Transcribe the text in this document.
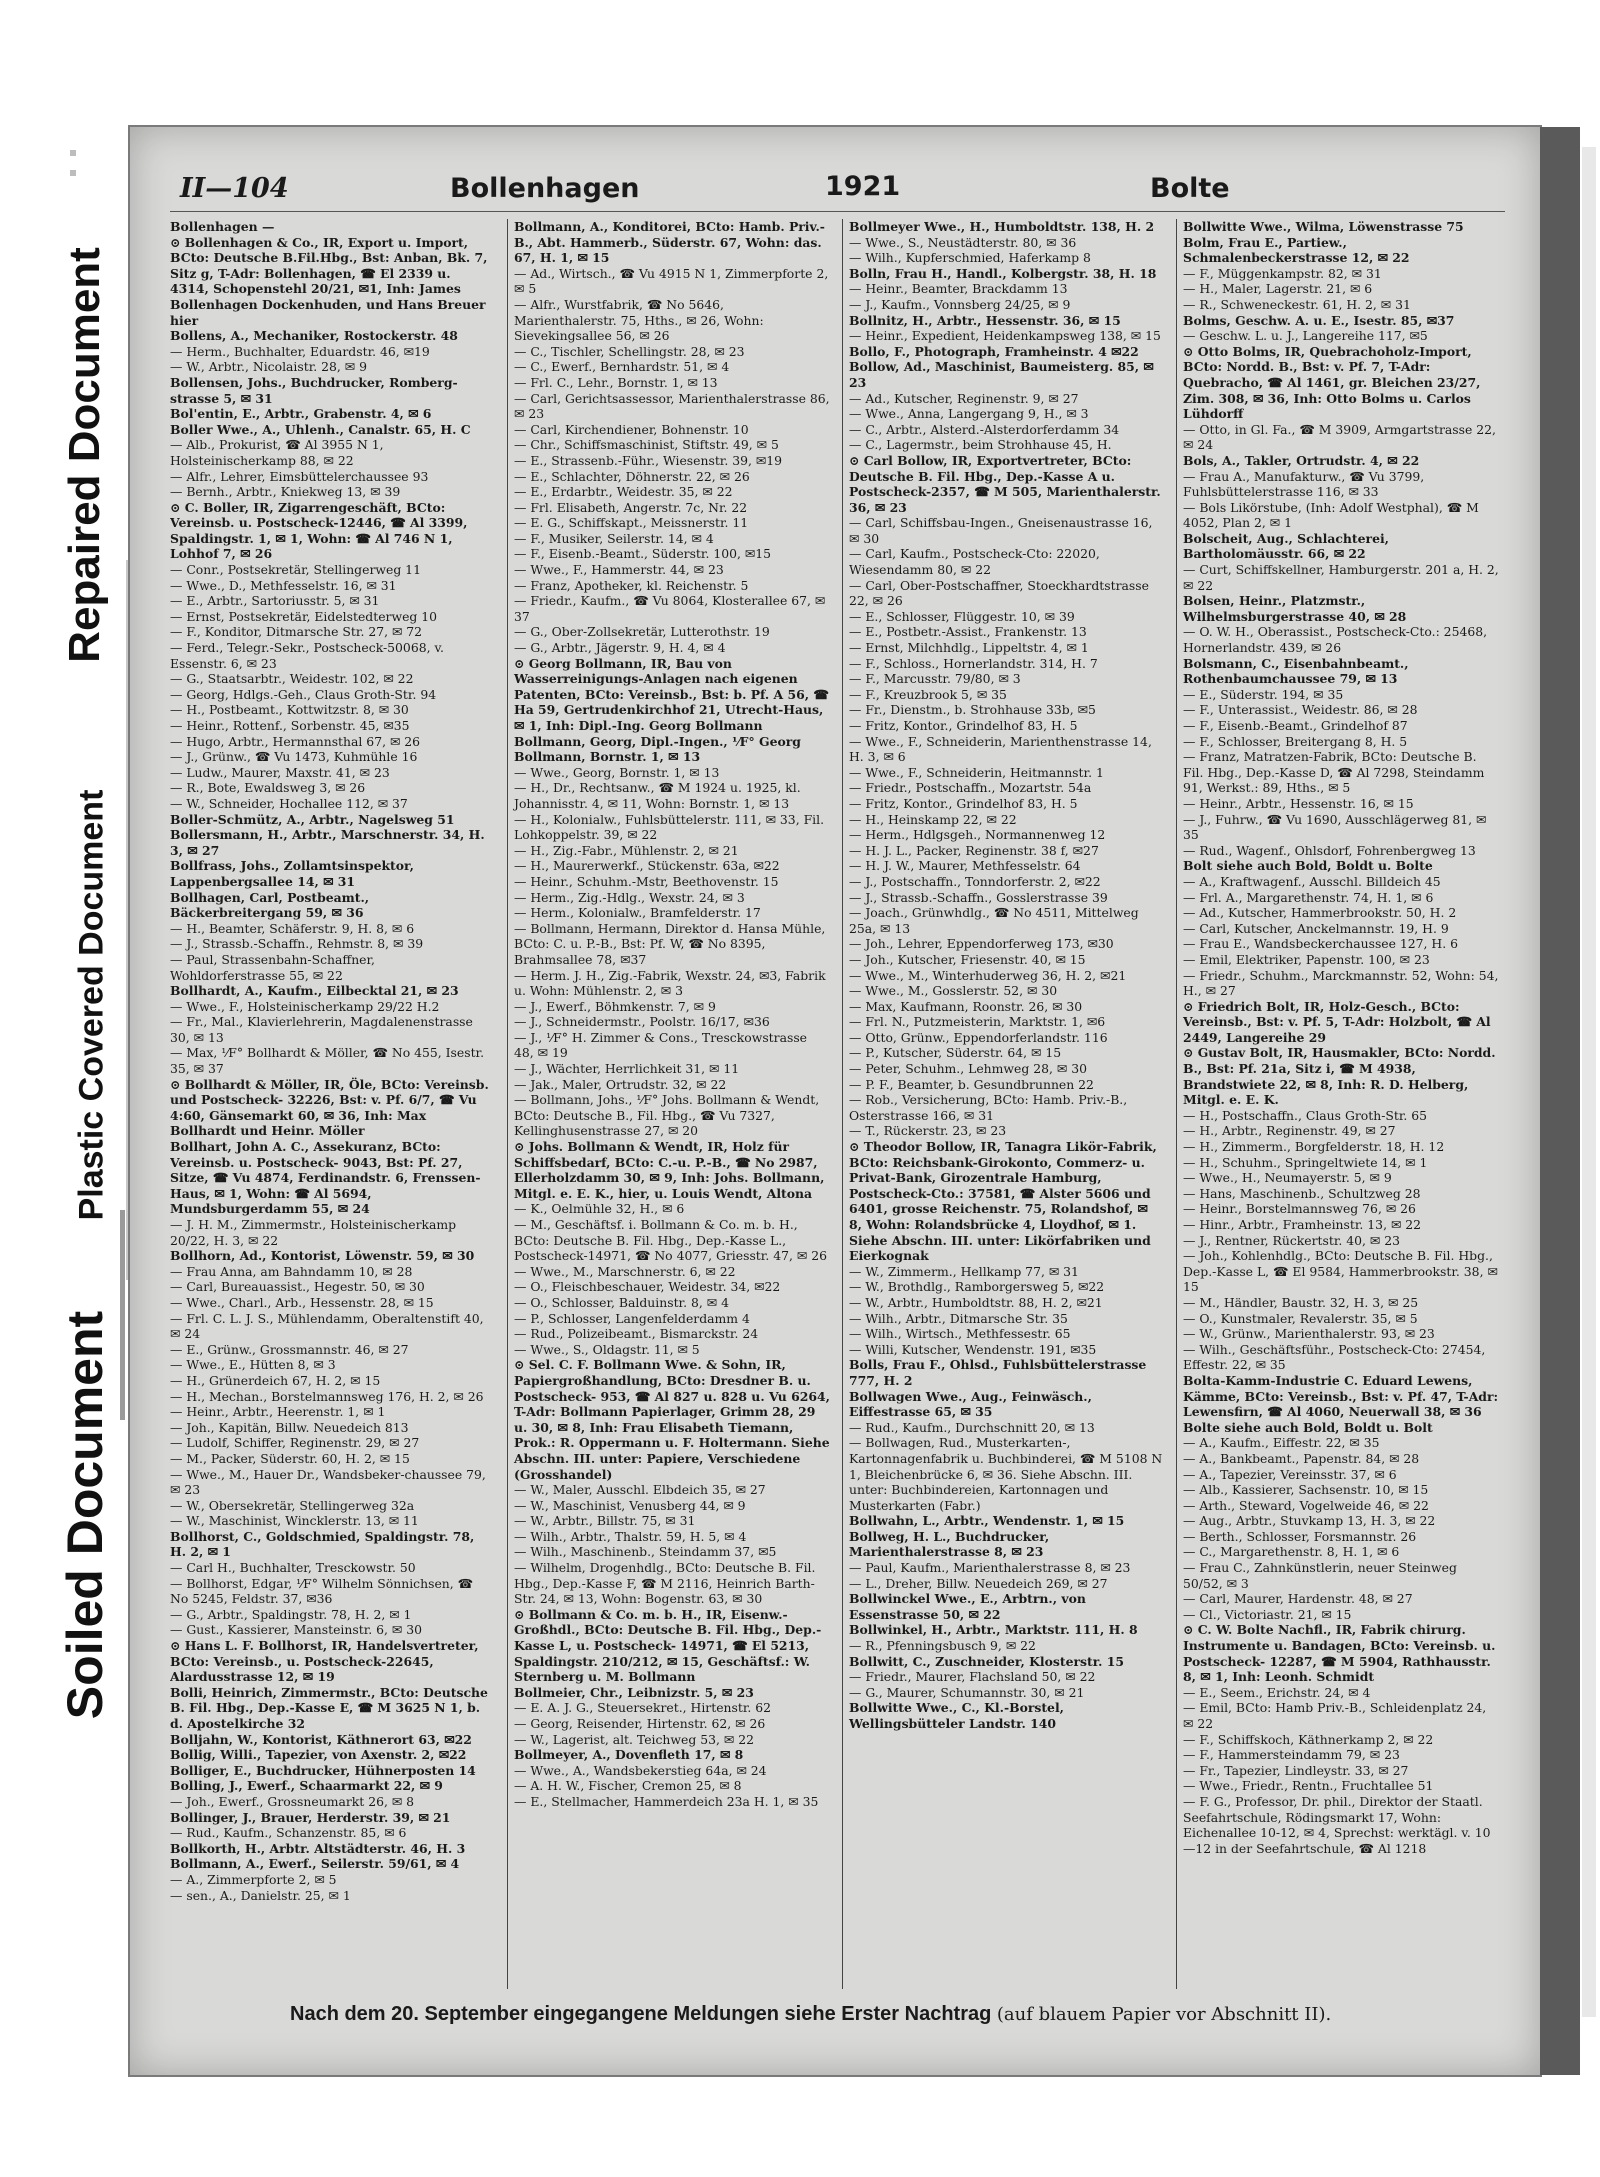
Repaired Document
Plastic Covered Document
Soiled Document
II—104	Bollenhagen	1921	Bolte

Bollenhagen —

⊙ Bollenhagen & Co., IR, Export u. Import, BCto: Deutsche B.Fil.Hbg., Bst: Anban, Bk. 7, Sitz g, T-Adr: Bollenhagen, ☎ El 2339 u. 4314, Schopenstehl 20/21, ✉1, Inh: James Bollenhagen Dockenhuden, und Hans Breuer hier

Bollens, A., Mechaniker, Rostockerstr. 48

— Herm., Buchhalter, Eduardstr. 46, ✉19

— W., Arbtr., Nicolaistr. 28, ✉ 9

Bollensen, Johs., Buchdrucker, Romberg-strasse 5, ✉ 31

Bol'entin, E., Arbtr., Grabenstr. 4, ✉ 6

Boller Wwe., A., Uhlenh., Canalstr. 65, H. C

— Alb., Prokurist, ☎ Al 3955 N 1, Holsteinischerkamp 88, ✉ 22

— Alfr., Lehrer, Eimsbüttelerchaussee 93

— Bernh., Arbtr., Kniekweg 13, ✉ 39

⊙ C. Boller, IR, Zigarrengeschäft, BCto: Vereinsb. u. Postscheck-12446, ☎ Al 3399, Spaldingstr. 1, ✉ 1, Wohn: ☎ Al 746 N 1, Lohhof 7, ✉ 26

— Conr., Postsekretär, Stellingerweg 11

— Wwe., D., Methfesselstr. 16, ✉ 31

— E., Arbtr., Sartoriusstr. 5, ✉ 31

— Ernst, Postsekretär, Eidelstedterweg 10

— F., Konditor, Ditmarsche Str. 27, ✉ 72

— Ferd., Telegr.-Sekr., Postscheck-50068, v. Essenstr. 6, ✉ 23

— G., Staatsarbtr., Weidestr. 102, ✉ 22

— Georg, Hdlgs.-Geh., Claus Groth-Str. 94

— H., Postbeamt., Kottwitzstr. 8, ✉ 30

— Heinr., Rottenf., Sorbenstr. 45, ✉35

— Hugo, Arbtr., Hermannsthal 67, ✉ 26

— J., Grünw., ☎ Vu 1473, Kuhmühle 16

— Ludw., Maurer, Maxstr. 41, ✉ 23

— R., Bote, Ewaldsweg 3, ✉ 26

— W., Schneider, Hochallee 112, ✉ 37

Boller-Schmütz, A., Arbtr., Nagelsweg 51

Bollersmann, H., Arbtr., Marschnerstr. 34, H. 3, ✉ 27

Bollfrass, Johs., Zollamtsinspektor, Lappenbergsallee 14, ✉ 31

Bollhagen, Carl, Postbeamt., Bäckerbreitergang 59, ✉ 36

— H., Beamter, Schäferstr. 9, H. 8, ✉ 6

— J., Strassb.-Schaffn., Rehmstr. 8, ✉ 39

— Paul, Strassenbahn-Schaffner, Wohldorferstrasse 55, ✉ 22

Bollhardt, A., Kaufm., Eilbecktal 21, ✉ 23

— Wwe., F., Holsteinischerkamp 29/22 H.2

— Fr., Mal., Klavierlehrerin, Magdalenenstrasse 30, ✉ 13

— Max, ⅟F° Bollhardt & Möller, ☎ No 455, Isestr. 35, ✉ 37

⊙ Bollhardt & Möller, IR, Öle, BCto: Vereinsb. und Postscheck- 32226, Bst: v. Pf. 6/7, ☎ Vu 4:60, Gänsemarkt 60, ✉ 36, Inh: Max Bollhardt und Heinr. Möller

Bollhart, John A. C., Assekuranz, BCto: Vereinsb. u. Postscheck- 9043, Bst: Pf. 27, Sitze, ☎ Vu 4874, Ferdinandstr. 6, Frenssen-Haus, ✉ 1, Wohn: ☎ Al 5694, Mundsburgerdamm 55, ✉ 24

— J. H. M., Zimmermstr., Holsteinischerkamp 20/22, H. 3, ✉ 22

Bollhorn, Ad., Kontorist, Löwenstr. 59, ✉ 30

— Frau Anna, am Bahndamm 10, ✉ 28

— Carl, Bureauassist., Hegestr. 50, ✉ 30

— Wwe., Charl., Arb., Hessenstr. 28, ✉ 15

— Frl. C. L. J. S., Mühlendamm, Oberaltenstift 40, ✉ 24

— E., Grünw., Grossmannstr. 46, ✉ 27

— Wwe., E., Hütten 8, ✉ 3

— H., Grünerdeich 67, H. 2, ✉ 15

— H., Mechan., Borstelmannsweg 176, H. 2, ✉ 26

— Heinr., Arbtr., Heerenstr. 1, ✉ 1

— Joh., Kapitän, Billw. Neuedeich 813

— Ludolf, Schiffer, Reginenstr. 29, ✉ 27

— M., Packer, Süderstr. 60, H. 2, ✉ 15

— Wwe., M., Hauer Dr., Wandsbeker-chaussee 79, ✉ 23

— W., Obersekretär, Stellingerweg 32a

— W., Maschinist, Wincklerstr. 13, ✉ 11

Bollhorst, C., Goldschmied, Spaldingstr. 78, H. 2, ✉ 1

— Carl H., Buchhalter, Tresckowstr. 50

— Bollhorst, Edgar, ⅟F° Wilhelm Sönnichsen, ☎ No 5245, Feldstr. 37, ✉36

— G., Arbtr., Spaldingstr. 78, H. 2, ✉ 1

— Gust., Kassierer, Mansteinstr. 6, ✉ 30

⊙ Hans L. F. Bollhorst, IR, Handelsvertreter, BCto: Vereinsb., u. Postscheck-22645, Alardusstrasse 12, ✉ 19

Bolli, Heinrich, Zimmermstr., BCto: Deutsche B. Fil. Hbg., Dep.-Kasse E, ☎ M 3625 N 1, b. d. Apostelkirche 32

Bolljahn, W., Kontorist, Käthnerort 63, ✉22

Bollig, Willi., Tapezier, von Axenstr. 2, ✉22

Bolliger, E., Buchdrucker, Hühnerposten 14

Bolling, J., Ewerf., Schaarmarkt 22, ✉ 9

— Joh., Ewerf., Grossneumarkt 26, ✉ 8

Bollinger, J., Brauer, Herderstr. 39, ✉ 21

— Rud., Kaufm., Schanzenstr. 85, ✉ 6

Bollkorth, H., Arbtr. Altstädterstr. 46, H. 3

Bollmann, A., Ewerf., Seilerstr. 59/61, ✉ 4

— A., Zimmerpforte 2, ✉ 5

— sen., A., Danielstr. 25, ✉ 1

Bollmann, A., Konditorei, BCto: Hamb. Priv.-B., Abt. Hammerb., Süderstr. 67, Wohn: das. 67, H. 1, ✉ 15

— Ad., Wirtsch., ☎ Vu 4915 N 1, Zimmerpforte 2, ✉ 5

— Alfr., Wurstfabrik, ☎ No 5646, Marienthalerstr. 75, Hths., ✉ 26, Wohn: Sievekingsallee 56, ✉ 26

— C., Tischler, Schellingstr. 28, ✉ 23

— C., Ewerf., Bernhardstr. 51, ✉ 4

— Frl. C., Lehr., Bornstr. 1, ✉ 13

— Carl, Gerichtsassessor, Marienthalerstrasse 86, ✉ 23

— Carl, Kirchendiener, Bohnenstr. 10

— Chr., Schiffsmaschinist, Stiftstr. 49, ✉ 5

— E., Strassenb.-Führ., Wiesenstr. 39, ✉19

— E., Schlachter, Döhnerstr. 22, ✉ 26

— E., Erdarbtr., Weidestr. 35, ✉ 22

— Frl. Elisabeth, Angerstr. 7c, Nr. 22

— E. G., Schiffskapt., Meissnerstr. 11

— F., Musiker, Seilerstr. 14, ✉ 4

— F., Eisenb.-Beamt., Süderstr. 100, ✉15

— Wwe., F., Hammerstr. 44, ✉ 23

— Franz, Apotheker, kl. Reichenstr. 5

— Friedr., Kaufm., ☎ Vu 8064, Klosterallee 67, ✉ 37

— G., Ober-Zollsekretär, Lutterothstr. 19

— G., Arbtr., Jägerstr. 9, H. 4, ✉ 4

⊙ Georg Bollmann, IR, Bau von Wasserreinigungs-Anlagen nach eigenen Patenten, BCto: Vereinsb., Bst: b. Pf. A 56, ☎ Ha 59, Gertrudenkirchhof 21, Utrecht-Haus, ✉ 1, Inh: Dipl.-Ing. Georg Bollmann

Bollmann, Georg, Dipl.-Ingen., ⅟F° Georg Bollmann, Bornstr. 1, ✉ 13

— Wwe., Georg, Bornstr. 1, ✉ 13

— H., Dr., Rechtsanw., ☎ M 1924 u. 1925, kl. Johannisstr. 4, ✉ 11, Wohn: Bornstr. 1, ✉ 13

— H., Kolonialw., Fuhlsbüttelerstr. 111, ✉ 33, Fil. Lohkoppelstr. 39, ✉ 22

— H., Zig.-Fabr., Mühlenstr. 2, ✉ 21

— H., Maurerwerkf., Stückenstr. 63a, ✉22

— Heinr., Schuhm.-Mstr, Beethovenstr. 15

— Herm., Zig.-Hdlg., Wexstr. 24, ✉ 3

— Herm., Kolonialw., Bramfelderstr. 17

— Bollmann, Hermann, Direktor d. Hansa Mühle, BCto: C. u. P.-B., Bst: Pf. W, ☎ No 8395, Brahmsallee 78, ✉37

— Herm. J. H., Zig.-Fabrik, Wexstr. 24, ✉3, Fabrik u. Wohn: Mühlenstr. 2, ✉ 3

— J., Ewerf., Böhmkenstr. 7, ✉ 9

— J., Schneidermstr., Poolstr. 16/17, ✉36

— J., ⅟F° H. Zimmer & Cons., Tresckowstrasse 48, ✉ 19

— J., Wächter, Herrlichkeit 31, ✉ 11

— Jak., Maler, Ortrudstr. 32, ✉ 22

— Bollmann, Johs., ⅟F° Johs. Bollmann & Wendt, BCto: Deutsche B., Fil. Hbg., ☎ Vu 7327, Kellinghusenstrasse 27, ✉ 20

⊙ Johs. Bollmann & Wendt, IR, Holz für Schiffsbedarf, BCto: C.-u. P.-B., ☎ No 2987, Ellerholzdamm 30, ✉ 9, Inh: Johs. Bollmann, Mitgl. e. E. K., hier, u. Louis Wendt, Altona

— K., Oelmühle 32, H., ✉ 6

— M., Geschäftsf. i. Bollmann & Co. m. b. H., BCto: Deutsche B. Fil. Hbg., Dep.-Kasse L., Postscheck-14971, ☎ No 4077, Griesstr. 47, ✉ 26

— Wwe., M., Marschnerstr. 6, ✉ 22

— O., Fleischbeschauer, Weidestr. 34, ✉22

— O., Schlosser, Balduinstr. 8, ✉ 4

— P., Schlosser, Langenfelderdamm 4

— Rud., Polizeibeamt., Bismarckstr. 24

— Wwe., S., Oldagstr. 11, ✉ 5

⊙ Sel. C. F. Bollmann Wwe. & Sohn, IR, Papiergroßhandlung, BCto: Dresdner B. u. Postscheck- 953, ☎ Al 827 u. 828 u. Vu 6264, T-Adr: Bollmann Papierlager, Grimm 28, 29 u. 30, ✉ 8, Inh: Frau Elisabeth Tiemann, Prok.: R. Oppermann u. F. Holtermann. Siehe Abschn. III. unter: Papiere, Verschiedene (Grosshandel)

— W., Maler, Ausschl. Elbdeich 35, ✉ 27

— W., Maschinist, Venusberg 44, ✉ 9

— W., Arbtr., Billstr. 75, ✉ 31

— Wilh., Arbtr., Thalstr. 59, H. 5, ✉ 4

— Wilh., Maschinenb., Steindamm 37, ✉5

— Wilhelm, Drogenhdlg., BCto: Deutsche B. Fil. Hbg., Dep.-Kasse F, ☎ M 2116, Heinrich Barth-Str. 24, ✉ 13, Wohn: Bogenstr. 63, ✉ 30

⊙ Bollmann & Co. m. b. H., IR, Eisenw.-Großhdl., BCto: Deutsche B. Fil. Hbg., Dep.-Kasse L, u. Postscheck- 14971, ☎ El 5213, Spaldingstr. 210/212, ✉ 15, Geschäftsf.: W. Sternberg u. M. Bollmann

Bollmeier, Chr., Leibnizstr. 5, ✉ 23

— E. A. J. G., Steuersekret., Hirtenstr. 62

— Georg, Reisender, Hirtenstr. 62, ✉ 26

— W., Lagerist, alt. Teichweg 53, ✉ 22

Bollmeyer, A., Dovenfleth 17, ✉ 8

— Wwe., A., Wandsbekerstieg 64a, ✉ 24

— A. H. W., Fischer, Cremon 25, ✉ 8

— E., Stellmacher, Hammerdeich 23a H. 1, ✉ 35

Bollmeyer Wwe., H., Humboldtstr. 138, H. 2

— Wwe., S., Neustädterstr. 80, ✉ 36

— Wilh., Kupferschmied, Haferkamp 8

Bolln, Frau H., Handl., Kolbergstr. 38, H. 18

— Heinr., Beamter, Brackdamm 13

— J., Kaufm., Vonnsberg 24/25, ✉ 9

Bollnitz, H., Arbtr., Hessenstr. 36, ✉ 15

— Heinr., Expedient, Heidenkampsweg 138, ✉ 15

Bollo, F., Photograph, Framheinstr. 4 ✉22

Bollow, Ad., Maschinist, Baumeisterg. 85, ✉23

— Ad., Kutscher, Reginenstr. 9, ✉ 27

— Wwe., Anna, Langergang 9, H., ✉ 3

— C., Arbtr., Alsterd.-Alsterdorferdamm 34

— C., Lagermstr., beim Strohhause 45, H.

⊙ Carl Bollow, IR, Exportvertreter, BCto: Deutsche B. Fil. Hbg., Dep.-Kasse A u. Postscheck-2357, ☎ M 505, Marienthalerstr. 36, ✉ 23

— Carl, Schiffsbau-Ingen., Gneisenaustrasse 16, ✉ 30

— Carl, Kaufm., Postscheck-Cto: 22020, Wiesendamm 80, ✉ 22

— Carl, Ober-Postschaffner, Stoeckhardtstrasse 22, ✉ 26

— E., Schlosser, Flüggestr. 10, ✉ 39

— E., Postbetr.-Assist., Frankenstr. 13

— Ernst, Milchhdlg., Lippeltstr. 4, ✉ 1

— F., Schloss., Hornerlandstr. 314, H. 7

— F., Marcusstr. 79/80, ✉ 3

— F., Kreuzbrook 5, ✉ 35

— Fr., Dienstm., b. Strohhause 33b, ✉5

— Fritz, Kontor., Grindelhof 83, H. 5

— Wwe., F., Schneiderin, Marienthenstrasse 14, H. 3, ✉ 6

— Wwe., F., Schneiderin, Heitmannstr. 1

— Friedr., Postschaffn., Mozartstr. 54a

— Fritz, Kontor., Grindelhof 83, H. 5

— H., Heinskamp 22, ✉ 22

— Herm., Hdlgsgeh., Normannenweg 12

— H. J. L., Packer, Reginenstr. 38 f, ✉27

— H. J. W., Maurer, Methfesselstr. 64

— J., Postschaffn., Tonndorferstr. 2, ✉22

— J., Strassb.-Schaffn., Gosslerstrasse 39

— Joach., Grünwhdlg., ☎ No 4511, Mittelweg 25a, ✉ 13

— Joh., Lehrer, Eppendorferweg 173, ✉30

— Joh., Kutscher, Friesenstr. 40, ✉ 15

— Wwe., M., Winterhuderweg 36, H. 2, ✉21

— Wwe., M., Gosslerstr. 52, ✉ 30

— Max, Kaufmann, Roonstr. 26, ✉ 30

— Frl. N., Putzmeisterin, Marktstr. 1, ✉6

— Otto, Grünw., Eppendorferlandstr. 116

— P., Kutscher, Süderstr. 64, ✉ 15

— Peter, Schuhm., Lehmweg 28, ✉ 30

— P. F., Beamter, b. Gesundbrunnen 22

— Rob., Versicherung, BCto: Hamb. Priv.-B., Osterstrasse 166, ✉ 31

— T., Rückerstr. 23, ✉ 23

⊙ Theodor Bollow, IR, Tanagra Likör-Fabrik, BCto: Reichsbank-Girokonto, Commerz- u. Privat-Bank, Girozentrale Hamburg, Postscheck-Cto.: 37581, ☎ Alster 5606 und 6401, grosse Reichenstr. 75, Rolandshof, ✉ 8, Wohn: Rolandsbrücke 4, Lloydhof, ✉ 1. Siehe Abschn. III. unter: Likörfabriken und Eierkognak

— W., Zimmerm., Hellkamp 77, ✉ 31

— W., Brothdlg., Ramborgersweg 5, ✉22

— W., Arbtr., Humboldtstr. 88, H. 2, ✉21

— Wilh., Arbtr., Ditmarsche Str. 35

— Wilh., Wirtsch., Methfessestr. 65

— Willi, Kutscher, Wendenstr. 191, ✉35

Bolls, Frau F., Ohlsd., Fuhlsbüttelerstrasse 777, H. 2

Bollwagen Wwe., Aug., Feinwäsch., Eiffestrasse 65, ✉ 35

— Rud., Kaufm., Durchschnitt 20, ✉ 13

— Bollwagen, Rud., Musterkarten-, Kartonnagenfabrik u. Buchbinderei, ☎ M 5108 N 1, Bleichenbrücke 6, ✉ 36. Siehe Abschn. III. unter: Buchbindereien, Kartonnagen und Musterkarten (Fabr.)

Bollwahn, L., Arbtr., Wendenstr. 1, ✉ 15

Bollweg, H. L., Buchdrucker, Marienthalerstrasse 8, ✉ 23

— Paul, Kaufm., Marienthalerstrasse 8, ✉ 23

— L., Dreher, Billw. Neuedeich 269, ✉ 27

Bollwinckel Wwe., E., Arbtrn., von Essenstrasse 50, ✉ 22

Bollwinkel, H., Arbtr., Marktstr. 111, H. 8

— R., Pfenningsbusch 9, ✉ 22

Bollwitt, C., Zuschneider, Klosterstr. 15

— Friedr., Maurer, Flachsland 50, ✉ 22

— G., Maurer, Schumannstr. 30, ✉ 21

Bollwitte Wwe., C., Kl.-Borstel, Wellingsbütteler Landstr. 140

Bollwitte Wwe., Wilma, Löwenstrasse 75

Bolm, Frau E., Partiew., Schmalenbeckerstrasse 12, ✉ 22

— F., Müggenkampstr. 82, ✉ 31

— H., Maler, Lagerstr. 21, ✉ 6

— R., Schweneckestr. 61, H. 2, ✉ 31

Bolms, Geschw. A. u. E., Isestr. 85, ✉37

— Geschw. L. u. J., Langereihe 117, ✉5

⊙ Otto Bolms, IR, Quebrachoholz-Import, BCto: Nordd. B., Bst: v. Pf. 7, T-Adr: Quebracho, ☎ Al 1461, gr. Bleichen 23/27, Zim. 308, ✉ 36, Inh: Otto Bolms u. Carlos Lühdorff

— Otto, in Gl. Fa., ☎ M 3909, Armgartstrasse 22, ✉ 24

Bols, A., Takler, Ortrudstr. 4, ✉ 22

— Frau A., Manufakturw., ☎ Vu 3799, Fuhlsbüttelerstrasse 116, ✉ 33

— Bols Likörstube, (Inh: Adolf Westphal), ☎ M 4052, Plan 2, ✉ 1

Bolscheit, Aug., Schlachterei, Bartholomäusstr. 66, ✉ 22

— Curt, Schiffskellner, Hamburgerstr. 201 a, H. 2, ✉ 22

Bolsen, Heinr., Platzmstr., Wilhelmsburgerstrasse 40, ✉ 28

— O. W. H., Oberassist., Postscheck-Cto.: 25468, Hornerlandstr. 439, ✉ 26

Bolsmann, C., Eisenbahnbeamt., Rothenbaumchaussee 79, ✉ 13

— E., Süderstr. 194, ✉ 35

— F., Unterassist., Weidestr. 86, ✉ 28

— F., Eisenb.-Beamt., Grindelhof 87

— F., Schlosser, Breitergang 8, H. 5

— Franz, Matratzen-Fabrik, BCto: Deutsche B. Fil. Hbg., Dep.-Kasse D, ☎ Al 7298, Steindamm 91, Werkst.: 89, Hths., ✉ 5

— Heinr., Arbtr., Hessenstr. 16, ✉ 15

— J., Fuhrw., ☎ Vu 1690, Ausschlägerweg 81, ✉ 35

— Rud., Wagenf., Ohlsdorf, Fohrenbergweg 13

Bolt siehe auch Bold, Boldt u. Bolte

— A., Kraftwagenf., Ausschl. Billdeich 45

— Frl. A., Margarethenstr. 74, H. 1, ✉ 6

— Ad., Kutscher, Hammerbrookstr. 50, H. 2

— Carl, Kutscher, Anckelmannstr. 19, H. 9

— Frau E., Wandsbeckerchaussee 127, H. 6

— Emil, Elektriker, Papenstr. 100, ✉ 23

— Friedr., Schuhm., Marckmannstr. 52, Wohn: 54, H., ✉ 27

⊙ Friedrich Bolt, IR, Holz-Gesch., BCto: Vereinsb., Bst: v. Pf. 5, T-Adr: Holzbolt, ☎ Al 2449, Langereihe 29

⊙ Gustav Bolt, IR, Hausmakler, BCto: Nordd. B., Bst: Pf. 21a, Sitz i, ☎ M 4938, Brandstwiete 22, ✉ 8, Inh: R. D. Helberg, Mitgl. e. E. K.

— H., Postschaffn., Claus Groth-Str. 65

— H., Arbtr., Reginenstr. 49, ✉ 27

— H., Zimmerm., Borgfelderstr. 18, H. 12

— H., Schuhm., Springeltwiete 14, ✉ 1

— Wwe., H., Neumayerstr. 5, ✉ 9

— Hans, Maschinenb., Schultzweg 28

— Heinr., Borstelmannsweg 76, ✉ 26

— Hinr., Arbtr., Framheinstr. 13, ✉ 22

— J., Rentner, Rückertstr. 40, ✉ 23

— Joh., Kohlenhdlg., BCto: Deutsche B. Fil. Hbg., Dep.-Kasse L, ☎ El 9584, Hammerbrookstr. 38, ✉ 15

— M., Händler, Baustr. 32, H. 3, ✉ 25

— O., Kunstmaler, Revalerstr. 35, ✉ 5

— W., Grünw., Marienthalerstr. 93, ✉ 23

— Wilh., Geschäftsführ., Postscheck-Cto: 27454, Effestr. 22, ✉ 35

Bolta-Kamm-Industrie C. Eduard Lewens, Kämme, BCto: Vereinsb., Bst: v. Pf. 47, T-Adr: Lewensfirn, ☎ Al 4060, Neuerwall 38, ✉ 36

Bolte siehe auch Bold, Boldt u. Bolt

— A., Kaufm., Eiffestr. 22, ✉ 35

— A., Bankbeamt., Papenstr. 84, ✉ 28

— A., Tapezier, Vereinsstr. 37, ✉ 6

— Alb., Kassierer, Sachsenstr. 10, ✉ 15

— Arth., Steward, Vogelweide 46, ✉ 22

— Aug., Arbtr., Stuvkamp 13, H. 3, ✉ 22

— Berth., Schlosser, Forsmannstr. 26

— C., Margarethenstr. 8, H. 1, ✉ 6

— Frau C., Zahnkünstlerin, neuer Steinweg 50/52, ✉ 3

— Carl, Maurer, Hardenstr. 48, ✉ 27

— Cl., Victoriastr. 21, ✉ 15

⊙ C. W. Bolte Nachfl., IR, Fabrik chirurg. Instrumente u. Bandagen, BCto: Vereinsb. u. Postscheck- 12287, ☎ M 5904, Rathhausstr. 8, ✉ 1, Inh: Leonh. Schmidt

— E., Seem., Erichstr. 24, ✉ 4

— Emil, BCto: Hamb Priv.-B., Schleidenplatz 24, ✉ 22

— F., Schiffskoch, Käthnerkamp 2, ✉ 22

— F., Hammersteindamm 79, ✉ 23

— Fr., Tapezier, Lindleystr. 33, ✉ 27

— Wwe., Friedr., Rentn., Fruchtallee 51

— F. G., Professor, Dr. phil., Direktor der Staatl. Seefahrtschule, Rödingsmarkt 17, Wohn: Eichenallee 10-12, ✉ 4, Sprechst: werktägl. v. 10—12 in der Seefahrtschule, ☎ Al 1218

Nach dem 20. September eingegangene Meldungen siehe Erster Nachtrag (auf blauem Papier vor Abschnitt II).
